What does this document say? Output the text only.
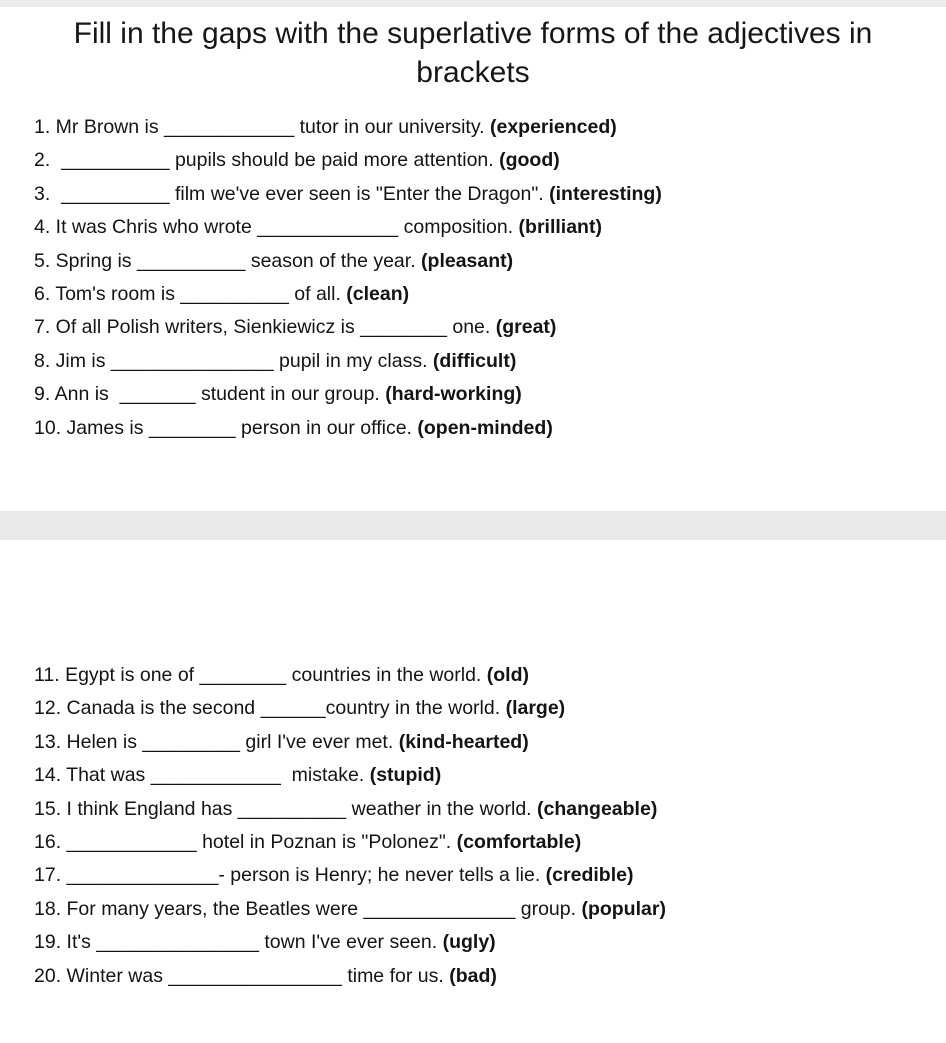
Fill in the gaps with the superlative forms of the adjectives in brackets
1. Mr Brown is ____________ tutor in our university. ( experienced )
2.  __________ pupils should be paid more attention. ( good )
3.  __________ film we've ever seen is "Enter the Dragon". ( interesting )
4. It was Chris who wrote _____________ composition. ( brilliant )
5. Spring is __________ season of the year. ( pleasant )
6. Tom's room is __________ of all. ( clean )
7. Of all Polish writers, Sienkiewicz is ________ one. ( great )
8. Jim is _______________ pupil in my class. ( difficult )
9. Ann is  _______ student in our group. ( hard-working )
10. James is ________ person in our office. ( open-minded )
11. Egypt is one of ________ countries in the world. ( old )
12. Canada is the second ______country in the world. ( large )
13. Helen is _________ girl I've ever met. ( kind-hearted )
14. That was ____________  mistake. ( stupid )
15. I think England has __________ weather in the world. ( changeable )
16. ____________ hotel in Poznan is "Polonez". ( comfortable )
17. ______________- person is Henry; he never tells a lie. ( credible )
18. For many years, the Beatles were ______________ group. ( popular )
19. It's _______________ town I've ever seen. ( ugly )
20. Winter was ________________ time for us. ( bad )
